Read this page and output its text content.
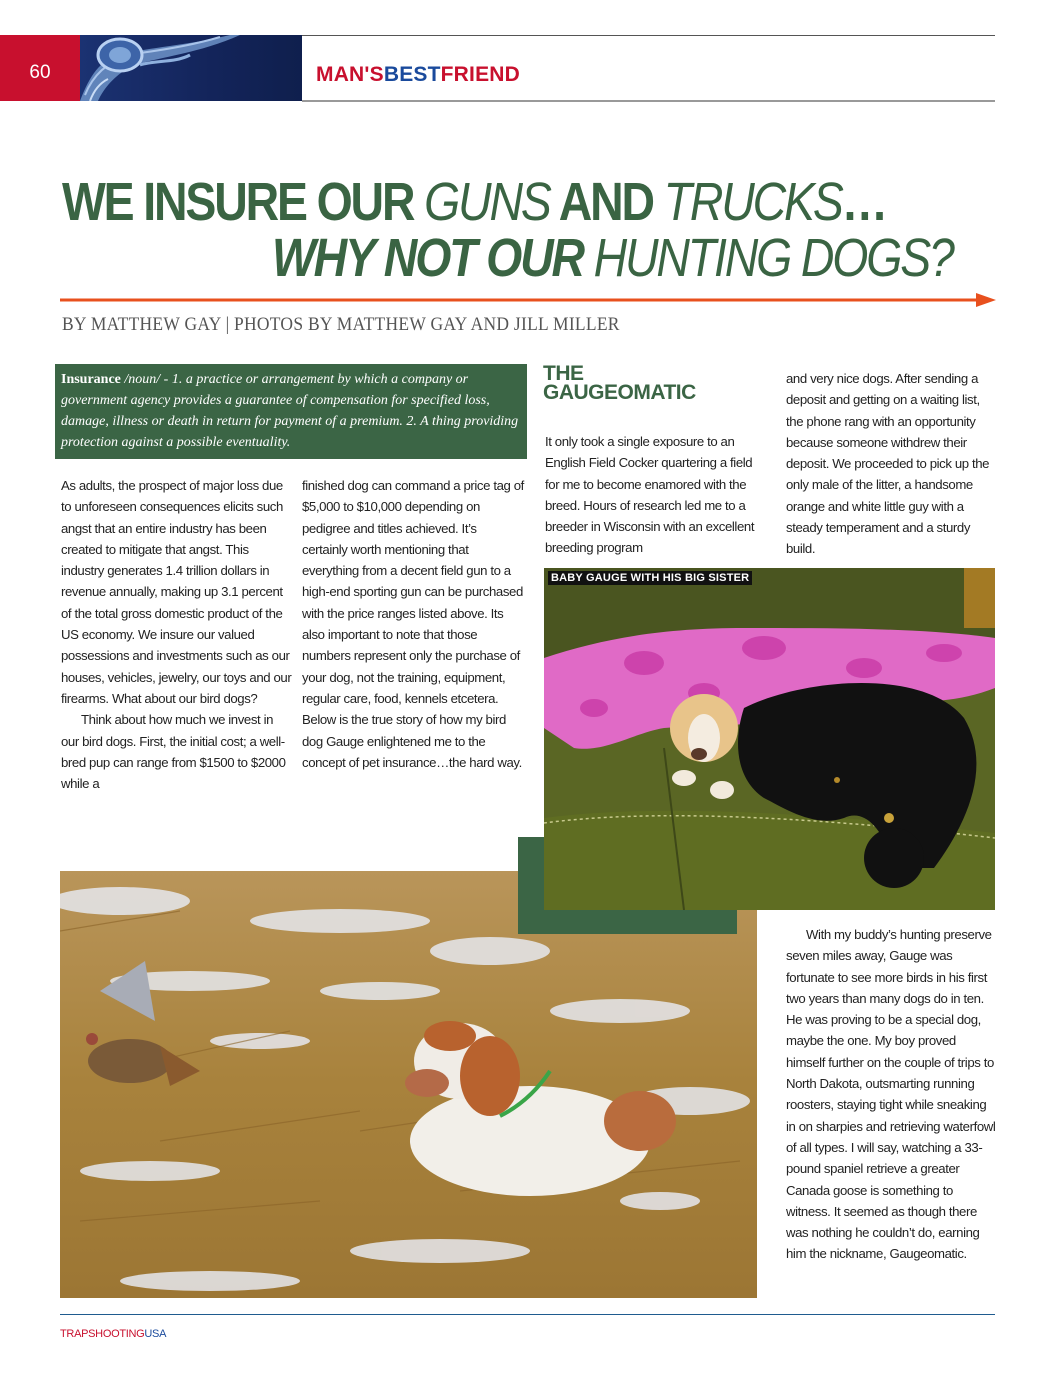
60	MAN'SBESTFRIEND
WE INSURE OUR GUNS AND TRUCKS…
WHY NOT OUR HUNTING DOGS?
BY MATTHEW GAY | PHOTOS BY MATTHEW GAY AND JILL MILLER
Insurance /noun/ - 1. a practice or arrangement by which a company or government agency provides a guarantee of compensation for specified loss, damage, illness or death in return for payment of a premium. 2. A thing providing protection against a possible eventuality.

As adults, the prospect of major loss due to unforeseen consequences elicits such angst that an entire industry has been created to mitigate that angst. This industry generates 1.4 trillion dollars in revenue annually, making up 3.1 percent of the total gross domestic product of the US economy. We insure our valued possessions and investments such as our houses, vehicles, jewelry, our toys and our firearms. What about our bird dogs?

Think about how much we invest in our bird dogs. First, the initial cost; a well-bred pup can range from $1500 to $2000 while a

finished dog can command a price tag of $5,000 to $10,000 depending on pedigree and titles achieved. It’s certainly worth mentioning that everything from a decent field gun to a high-end sporting gun can be purchased with the price ranges listed above. Its also important to note that those numbers represent only the purchase of your dog, not the training, equipment, regular care, food, kennels etcetera. Below is the true story of how my bird dog Gauge enlightened me to the concept of pet insurance…the hard way.

THE
GAUGEOMATIC

It only took a single exposure to an English Field Cocker quartering a field for me to become enamored with the breed. Hours of research led me to a breeder in Wisconsin with an excellent breeding program

and very nice dogs. After sending a deposit and getting on a waiting list, the phone rang with an opportunity because someone withdrew their deposit. We proceeded to pick up the only male of the litter, a handsome orange and white little guy with a steady temperament and a sturdy build.

BABY GAUGE WITH HIS BIG SISTER

With my buddy’s hunting preserve seven miles away, Gauge was fortunate to see more birds in his first two years than many dogs do in ten. He was proving to be a special dog, maybe the one. My boy proved himself further on the couple of trips to North Dakota, outsmarting running roosters, staying tight while sneaking in on sharpies and retrieving waterfowl of all types. I will say, watching a 33-pound spaniel retrieve a greater Canada goose is something to witness. It seemed as though there was nothing he couldn’t do, earning him the nickname, Gaugeomatic.

TRAPSHOOTINGUSA
